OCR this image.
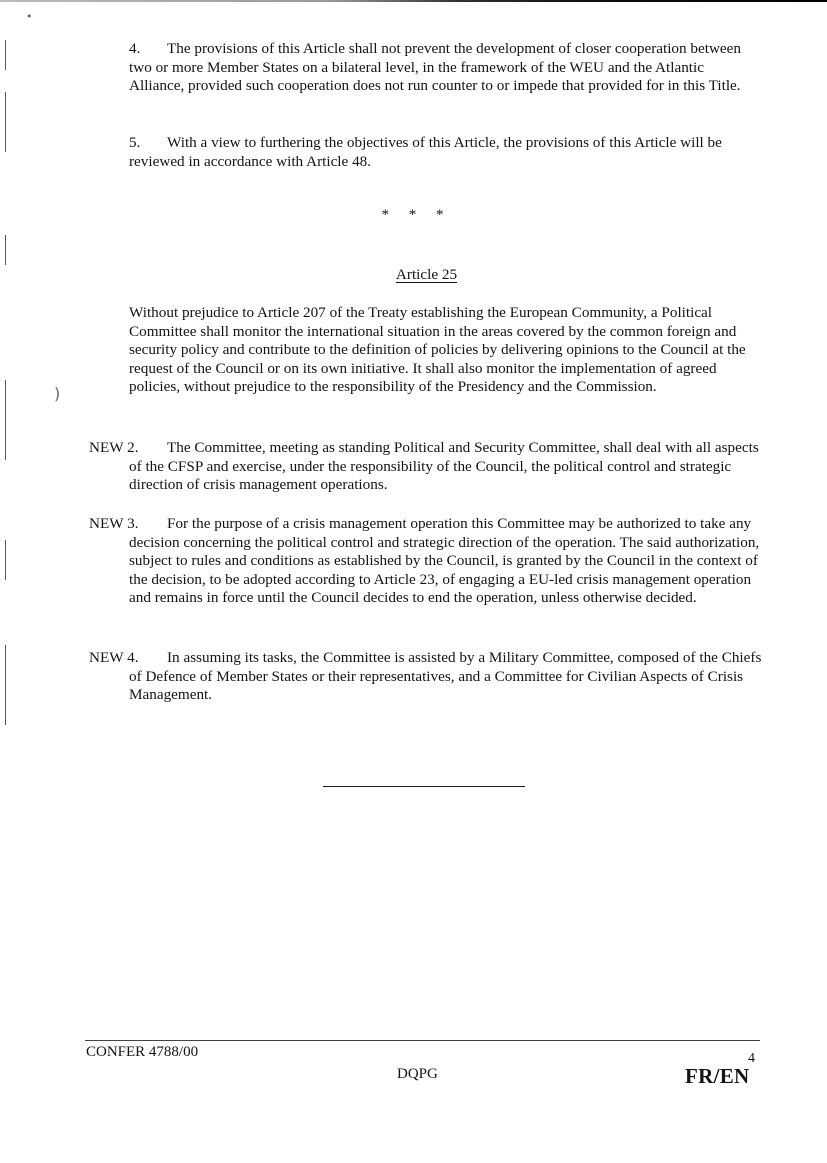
•
)

4. The provisions of this Article shall not prevent the development of closer cooperation between two or more Member States on a bilateral level, in the framework of the WEU and the Atlantic Alliance, provided such cooperation does not run counter to or impede that provided for in this Title.

5. With a view to furthering the objectives of this Article, the provisions of this Article will be reviewed in accordance with Article 48.

* * *
Article 25

Without prejudice to Article 207 of the Treaty establishing the European Community, a Political Committee shall monitor the international situation in the areas covered by the common foreign and security policy and contribute to the definition of policies by delivering opinions to the Council at the request of the Council or on its own initiative. It shall also monitor the implementation of agreed policies, without prejudice to the responsibility of the Presidency and the Commission.

NEW 2.	The Committee, meeting as standing Political and Security Committee, shall deal with all aspects of the CFSP and exercise, under the responsibility of the Council, the political control and strategic direction of crisis management operations.
NEW 3.	For the purpose of a crisis management operation this Committee may be authorized to take any decision concerning the political control and strategic direction of the operation. The said authorization, subject to rules and conditions as established by the Council, is granted by the Council in the context of the decision, to be adopted according to Article 23, of engaging a EU-led crisis management operation and remains in force until the Council decides to end the operation, unless otherwise decided.
NEW 4.	In assuming its tasks, the Committee is assisted by a Military Committee, composed of the Chiefs of Defence of Member States or their representatives, and a Committee for Civilian Aspects of Crisis Management.
CONFER 4788/00	4
DQPG	FR/EN
